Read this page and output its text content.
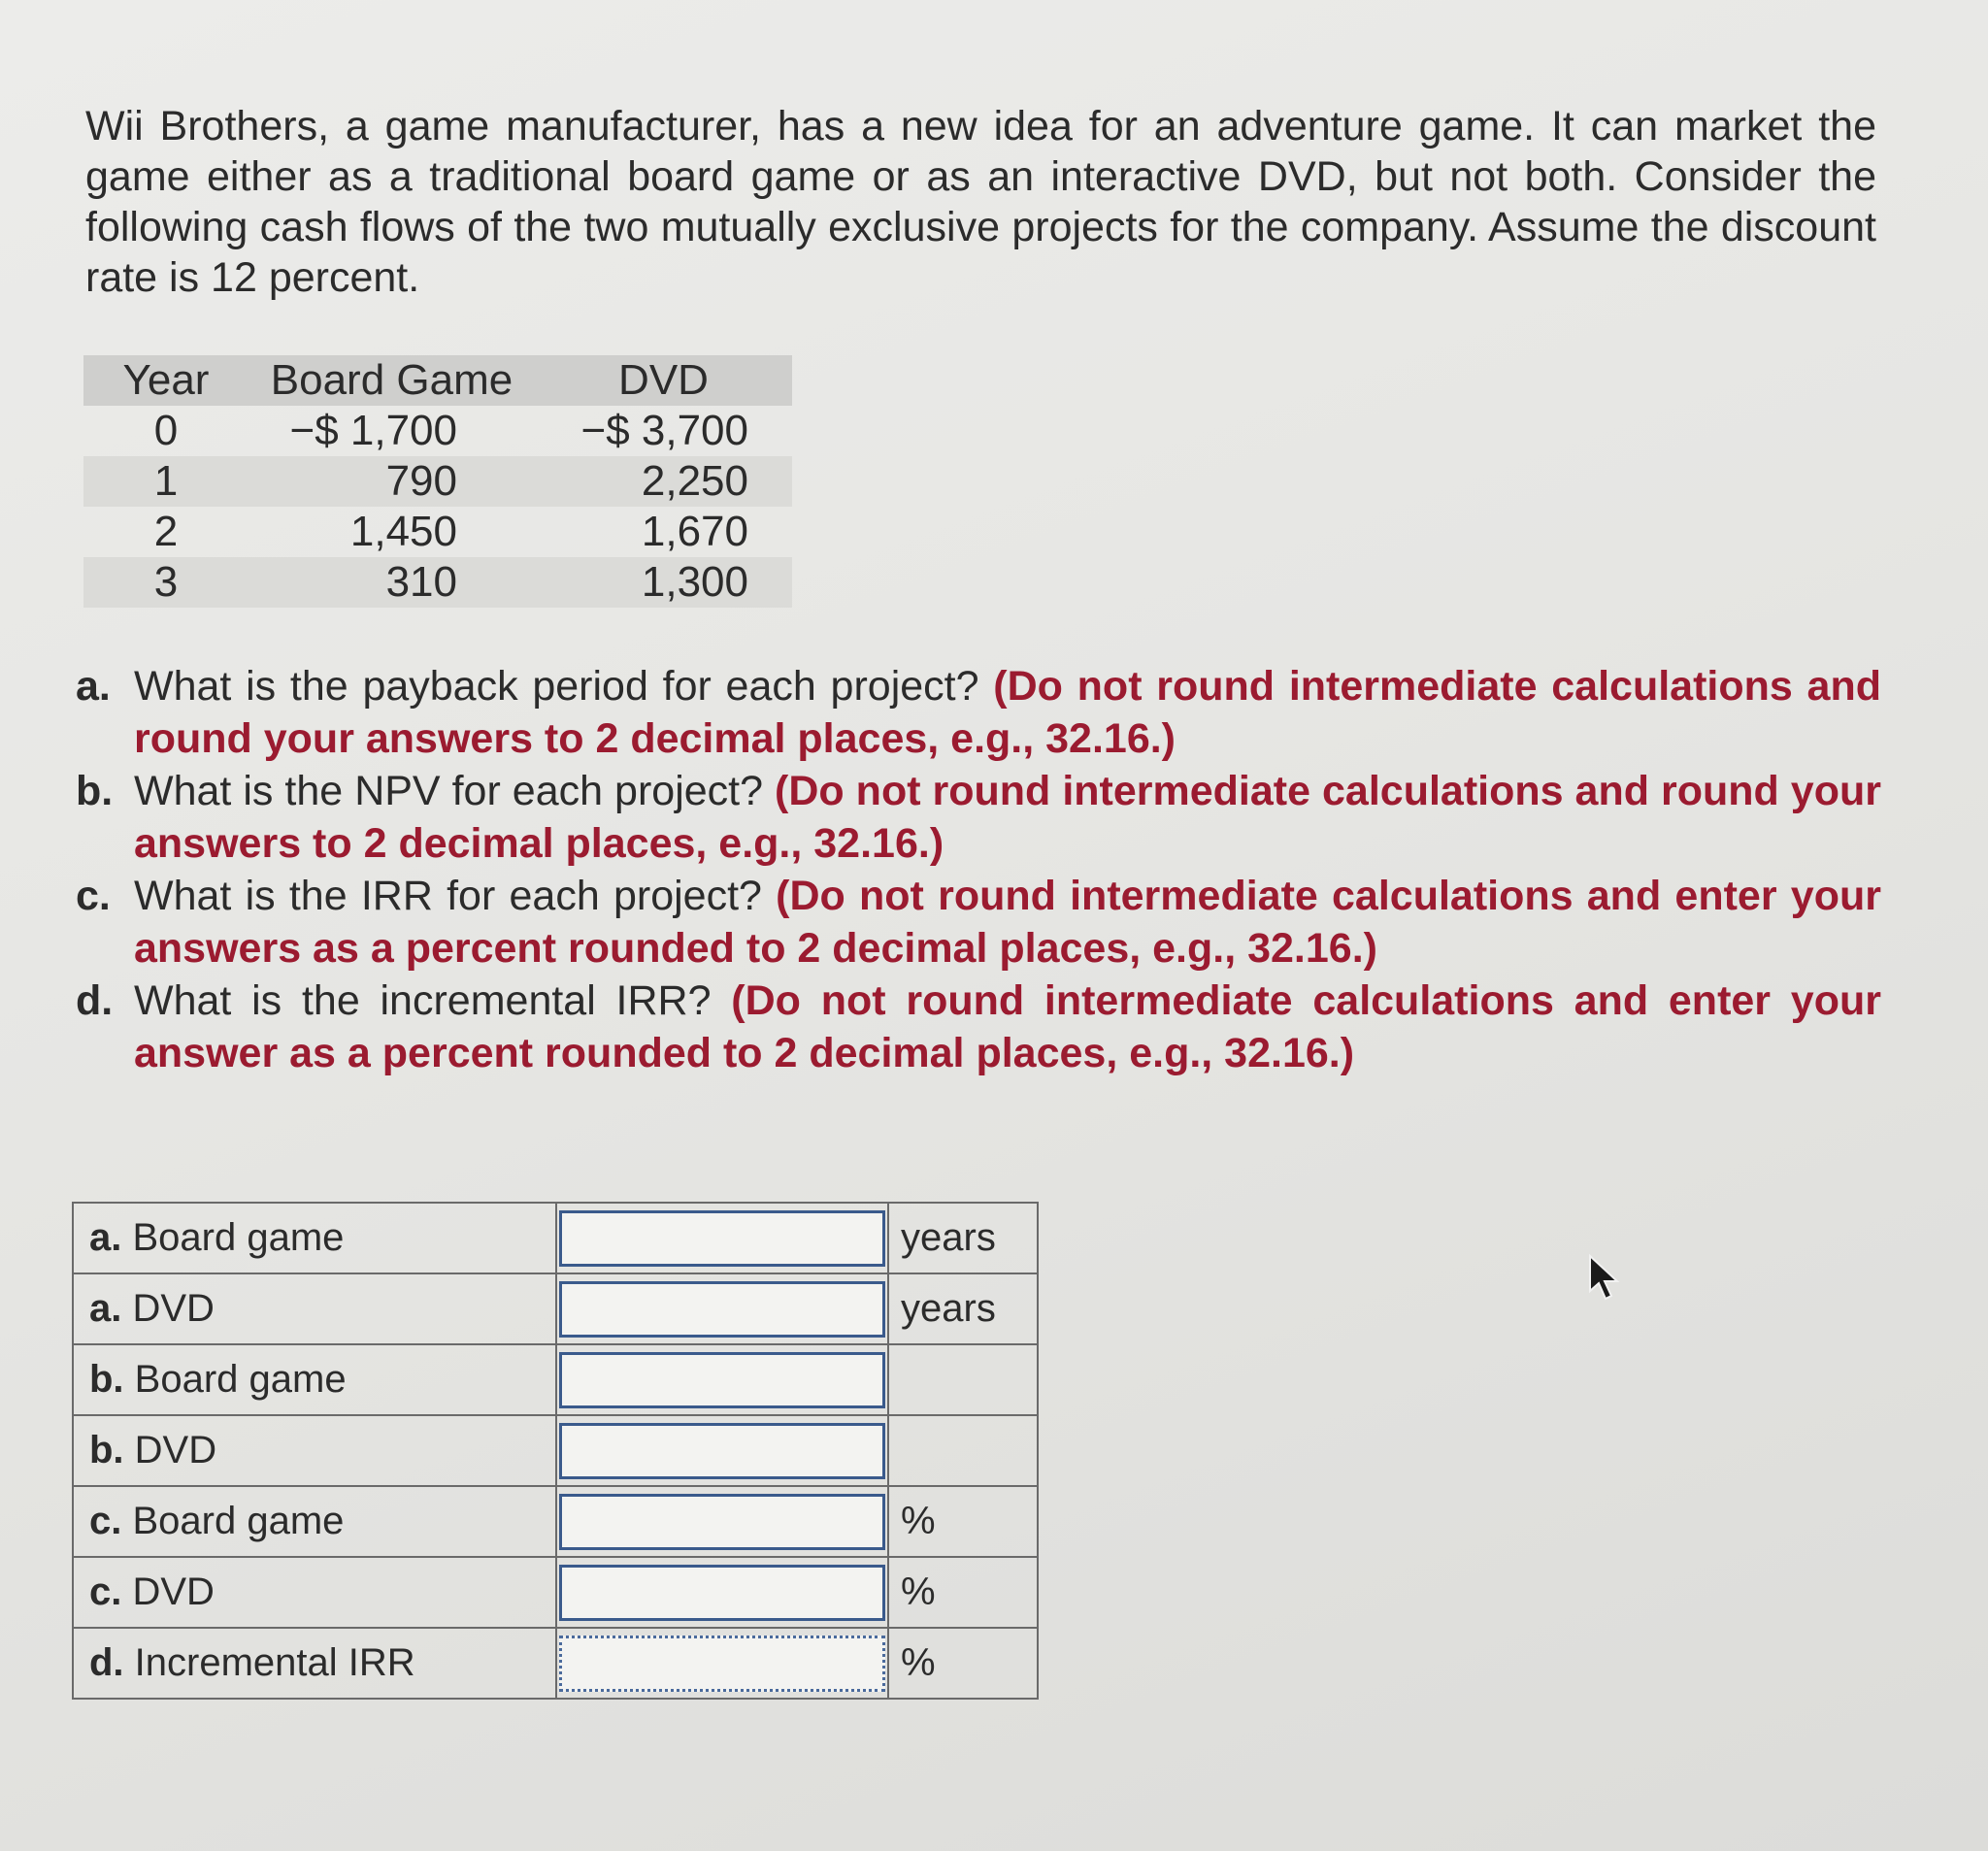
Wii Brothers, a game manufacturer, has a new idea for an adventure game. It can market the game either as a traditional board game or as an interactive DVD, but not both. Consider the following cash flows of the two mutually exclusive projects for the company. Assume the discount rate is 12 percent.

Year	Board Game	DVD
0	−$ 1,700	−$ 3,700
1	790	2,250
2	1,450	1,670
3	310	1,300
a. What is the payback period for each project? (Do not round intermediate calculations and round your answers to 2 decimal places, e.g., 32.16.)
b. What is the NPV for each project? (Do not round intermediate calculations and round your answers to 2 decimal places, e.g., 32.16.)
c. What is the IRR for each project? (Do not round intermediate calculations and enter your answers as a percent rounded to 2 decimal places, e.g., 32.16.)
d. What is the incremental IRR? (Do not round intermediate calculations and enter your answer as a percent rounded to 2 decimal places, e.g., 32.16.)
a. Board game		years
a. DVD		years
b. Board game	

b. DVD	

c. Board game		%
c. DVD		%
d. Incremental IRR		%
